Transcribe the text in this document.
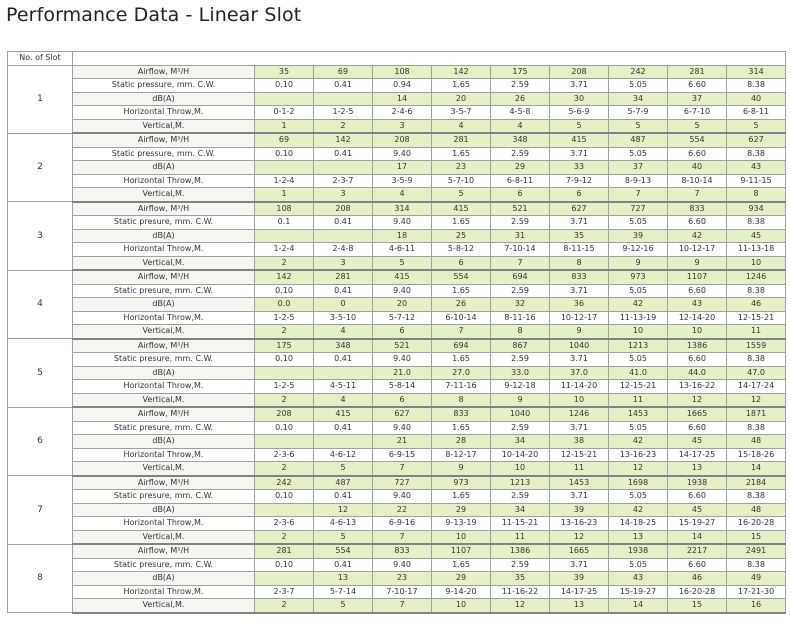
Performance Data - Linear Slot
No. of Slot										
1	Airflow, M³/H	35	69	108	142	175	208	242	281	314
	Static pressure, mm. C.W.	0.10	0.41	0.94	1.65	2.59	3.71	5.05	6.60	8.38
	dB(A)			14	20	26	30	34	37	40
	Horizontal Throw,M.	0-1-2	1-2-5	2-4-6	3-5-7	4-5-8	5-6-9	5-7-9	6-7-10	6-8-11
	Vertical,M.	1	2	3	4	4	5	5	5	5
2	Airflow, M³/H	69	142	208	281	348	415	487	554	627
	Static pressure, mm. C.W.	0.10	0.41	9.40	1.65	2.59	3.71	5.05	6.60	8.38
	dB(A)			17	23	29	33	37	40	43
	Horizontal Throw,M.	1-2-4	2-3-7	3-5-9	5-7-10	6-8-11	7-9-12	8-9-13	8-10-14	9-11-15
	Vertical,M.	1	3	4	5	6	6	7	7	8
3	Airflow, M³/H	108	208	314	415	521	627	727	833	934
	Static presure, mm. C.W.	0.1	0.41	9.40	1.65	2.59	3.71	5.05	6.60	8.38
	dB(A)			18	25	31	35	39	42	45
	Horizontal Throw,M.	1-2-4	2-4-8	4-6-11	5-8-12	7-10-14	8-11-15	9-12-16	10-12-17	11-13-18
	Vertical,M.	2	3	5	6	7	8	9	9	10
4	Airflow, M³/H	142	281	415	554	694	833	973	1107	1246
	Static presure, mm. C.W.	0.10	0.41	9.40	1.65	2.59	3.71	5.05	6.60	8.38
	dB(A)	0.0	0	20	26	32	36	42	43	46
	Horizontal Throw,M.	1-2-5	3-5-10	5-7-12	6-10-14	8-11-16	10-12-17	11-13-19	12-14-20	12-15-21
	Vertical,M.	2	4	6	7	8	9	10	10	11
5	Airflow, M³/H	175	348	521	694	867	1040	1213	1386	1559
	Static presure, mm. C.W.	0.10	0.41	9.40	1.65	2.59	3.71	5.05	6.60	8.38
	dB(A)			21.0	27.0	33.0	37.0	41.0	44.0	47.0
	Horizontal Throw,M.	1-2-5	4-5-11	5-8-14	7-11-16	9-12-18	11-14-20	12-15-21	13-16-22	14-17-24
	Vertical,M.	2	4	6	8	9	10	11	12	12
6	Airflow, M³/H	208	415	627	833	1040	1246	1453	1665	1871
	Static presure, mm. C.W.	0.10	0.41	9.40	1.65	2.59	3.71	5.05	6.60	8.38
	dB(A)			21	28	34	38	42	45	48
	Horizontal Throw,M.	2-3-6	4-6-12	6-9-15	8-12-17	10-14-20	12-15-21	13-16-23	14-17-25	15-18-26
	Vertical,M.	2	5	7	9	10	11	12	13	14
7	Airflow, M³/H	242	487	727	973	1213	1453	1698	1938	2184
	Static presure, mm. C.W.	0.10	0.41	9.40	1.65	2.59	3.71	5.05	6.60	8.38
	dB(A)		12	22	29	34	39	42	45	48
	Horizontal Throw,M.	2-3-6	4-6-13	6-9-16	9-13-19	11-15-21	13-16-23	14-18-25	15-19-27	16-20-28
	Vertical,M.	2	5	7	10	11	12	13	14	15
8	Airflow, M³/H	281	554	833	1107	1386	1665	1938	2217	2491
	Static presure, mm. C.W.	0.10	0.41	9.40	1.65	2.59	3.71	5.05	6.60	8.38
	dB(A)		13	23	29	35	39	43	46	49
	Horizontal Throw,M.	2-3-7	5-7-14	7-10-17	9-14-20	11-16-22	14-17-25	15-19-27	16-20-28	17-21-30
	Vertical,M.	2	5	7	10	12	13	14	15	16
